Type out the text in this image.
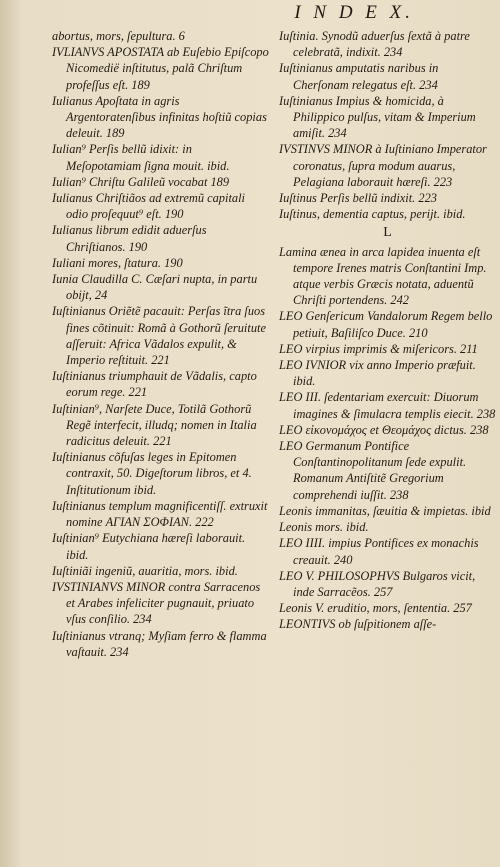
I N D E X.

abortus, mors, ſepultura. 6

IVLIANVS APOSTATA ab Euſebio Epiſcopo Nicomedië inſtitutus, palã Chriſtum profeſſus eſt. 189

Iulianus Apoſtata in agris Argentoratenſibus infinitas hoſtiũ copias deleuit. 189

Iulian⁹ Perſis bellũ idixit: in Meſopotamiam ſigna mouit. ibid.

Iulian⁹ Chriſtu Galileũ vocabat 189

Iulianus Chriſtiãos ad extremũ capitali odio proſequut⁹ eſt. 190

Iulianus librum edidit aduerſus Chriſtianos. 190

Iuliani mores, ſtatura. 190

Iunia Claudilla C. Cæſari nupta, in partu obijt, 24

Iuſtinianus Oriẽtẽ pacauit: Perſas ĩtra ſuos fines cõtinuit: Romã à Gothorũ ſeruitute aſſeruit: Africa Vãdalos expulit, & Imperio reſtituit. 221

Iuſtinianus triumphauit de Vãdalis, capto eorum rege. 221

Iuſtinian⁹, Narſete Duce, Totilã Gothorũ Regẽ interfecit, illudq; nomen in Italia radicitus deleuit. 221

Iuſtinianus cõfuſas leges in Epitomen contraxit, 50. Digeſtorum libros, et 4. Inſtitutionum ibid.

Iuſtinianus templum magnificentiſſ. extruxit nomine ΑΓΙΑΝ ΣΟΦΙΑΝ. 222

Iuſtinian⁹ Eutychiana hæreſi laborauit. ibid.

Iuſtiniãi ingeniũ, auaritia, mors. ibid.

IVSTINIANVS MINOR contra Sarracenos et Arabes infeliciter pugnauit, priuato vſus conſilio. 234

Iuſtinianus vtranq; Myſiam ferro & flamma vaſtauit. 234

Iuſtinia. Synodũ aduerſus ſextã à patre celebratã, indixit. 234

Iuſtinianus amputatis naribus in Cherſonam relegatus eſt. 234

Iuſtinianus Impius & homicida, à Philippico pulſus, vitam & Imperium amiſit. 234

IVSTINVS MINOR à Iuſtiniano Imperator coronatus, ſupra modum auarus, Pelagiana laborauit hæreſi. 223

Iuſtinus Perſis bellũ indixit. 223

Iuſtinus, dementia captus, perijt. ibid.

L

Lamina ænea in arca lapidea inuenta eſt tempore Irenes matris Conſtantini Imp. atque verbis Græcis notata, aduentũ Chriſti portendens. 242

LEO Genſericum Vandalorum Regem bello petiuit, Baſiliſco Duce. 210

LEO virpius imprimis & miſericors. 211

LEO IVNIOR vix anno Imperio præfuit. ibid.

LEO III. ſedentariam exercuit: Diuorum imagines & ſimulacra templis eiecit. 238

LEO εἰκονομάχος et Θεομάχος dictus. 238

LEO Germanum Pontifice Conſtantinopolitanum ſede expulit. Romanum Antiſtitẽ Gregorium comprehendi iuſſit. 238

Leonis immanitas, ſæuitia & impietas. ibid

Leonis mors. ibid.

LEO IIII. impius Pontifices ex monachis creauit. 240

LEO V. PHILOSOPHVS Bulgaros vicit, inde Sarracẽos. 257

Leonis V. eruditio, mors, ſententia. 257

LEONTIVS ob ſuſpitionem aſſe-
